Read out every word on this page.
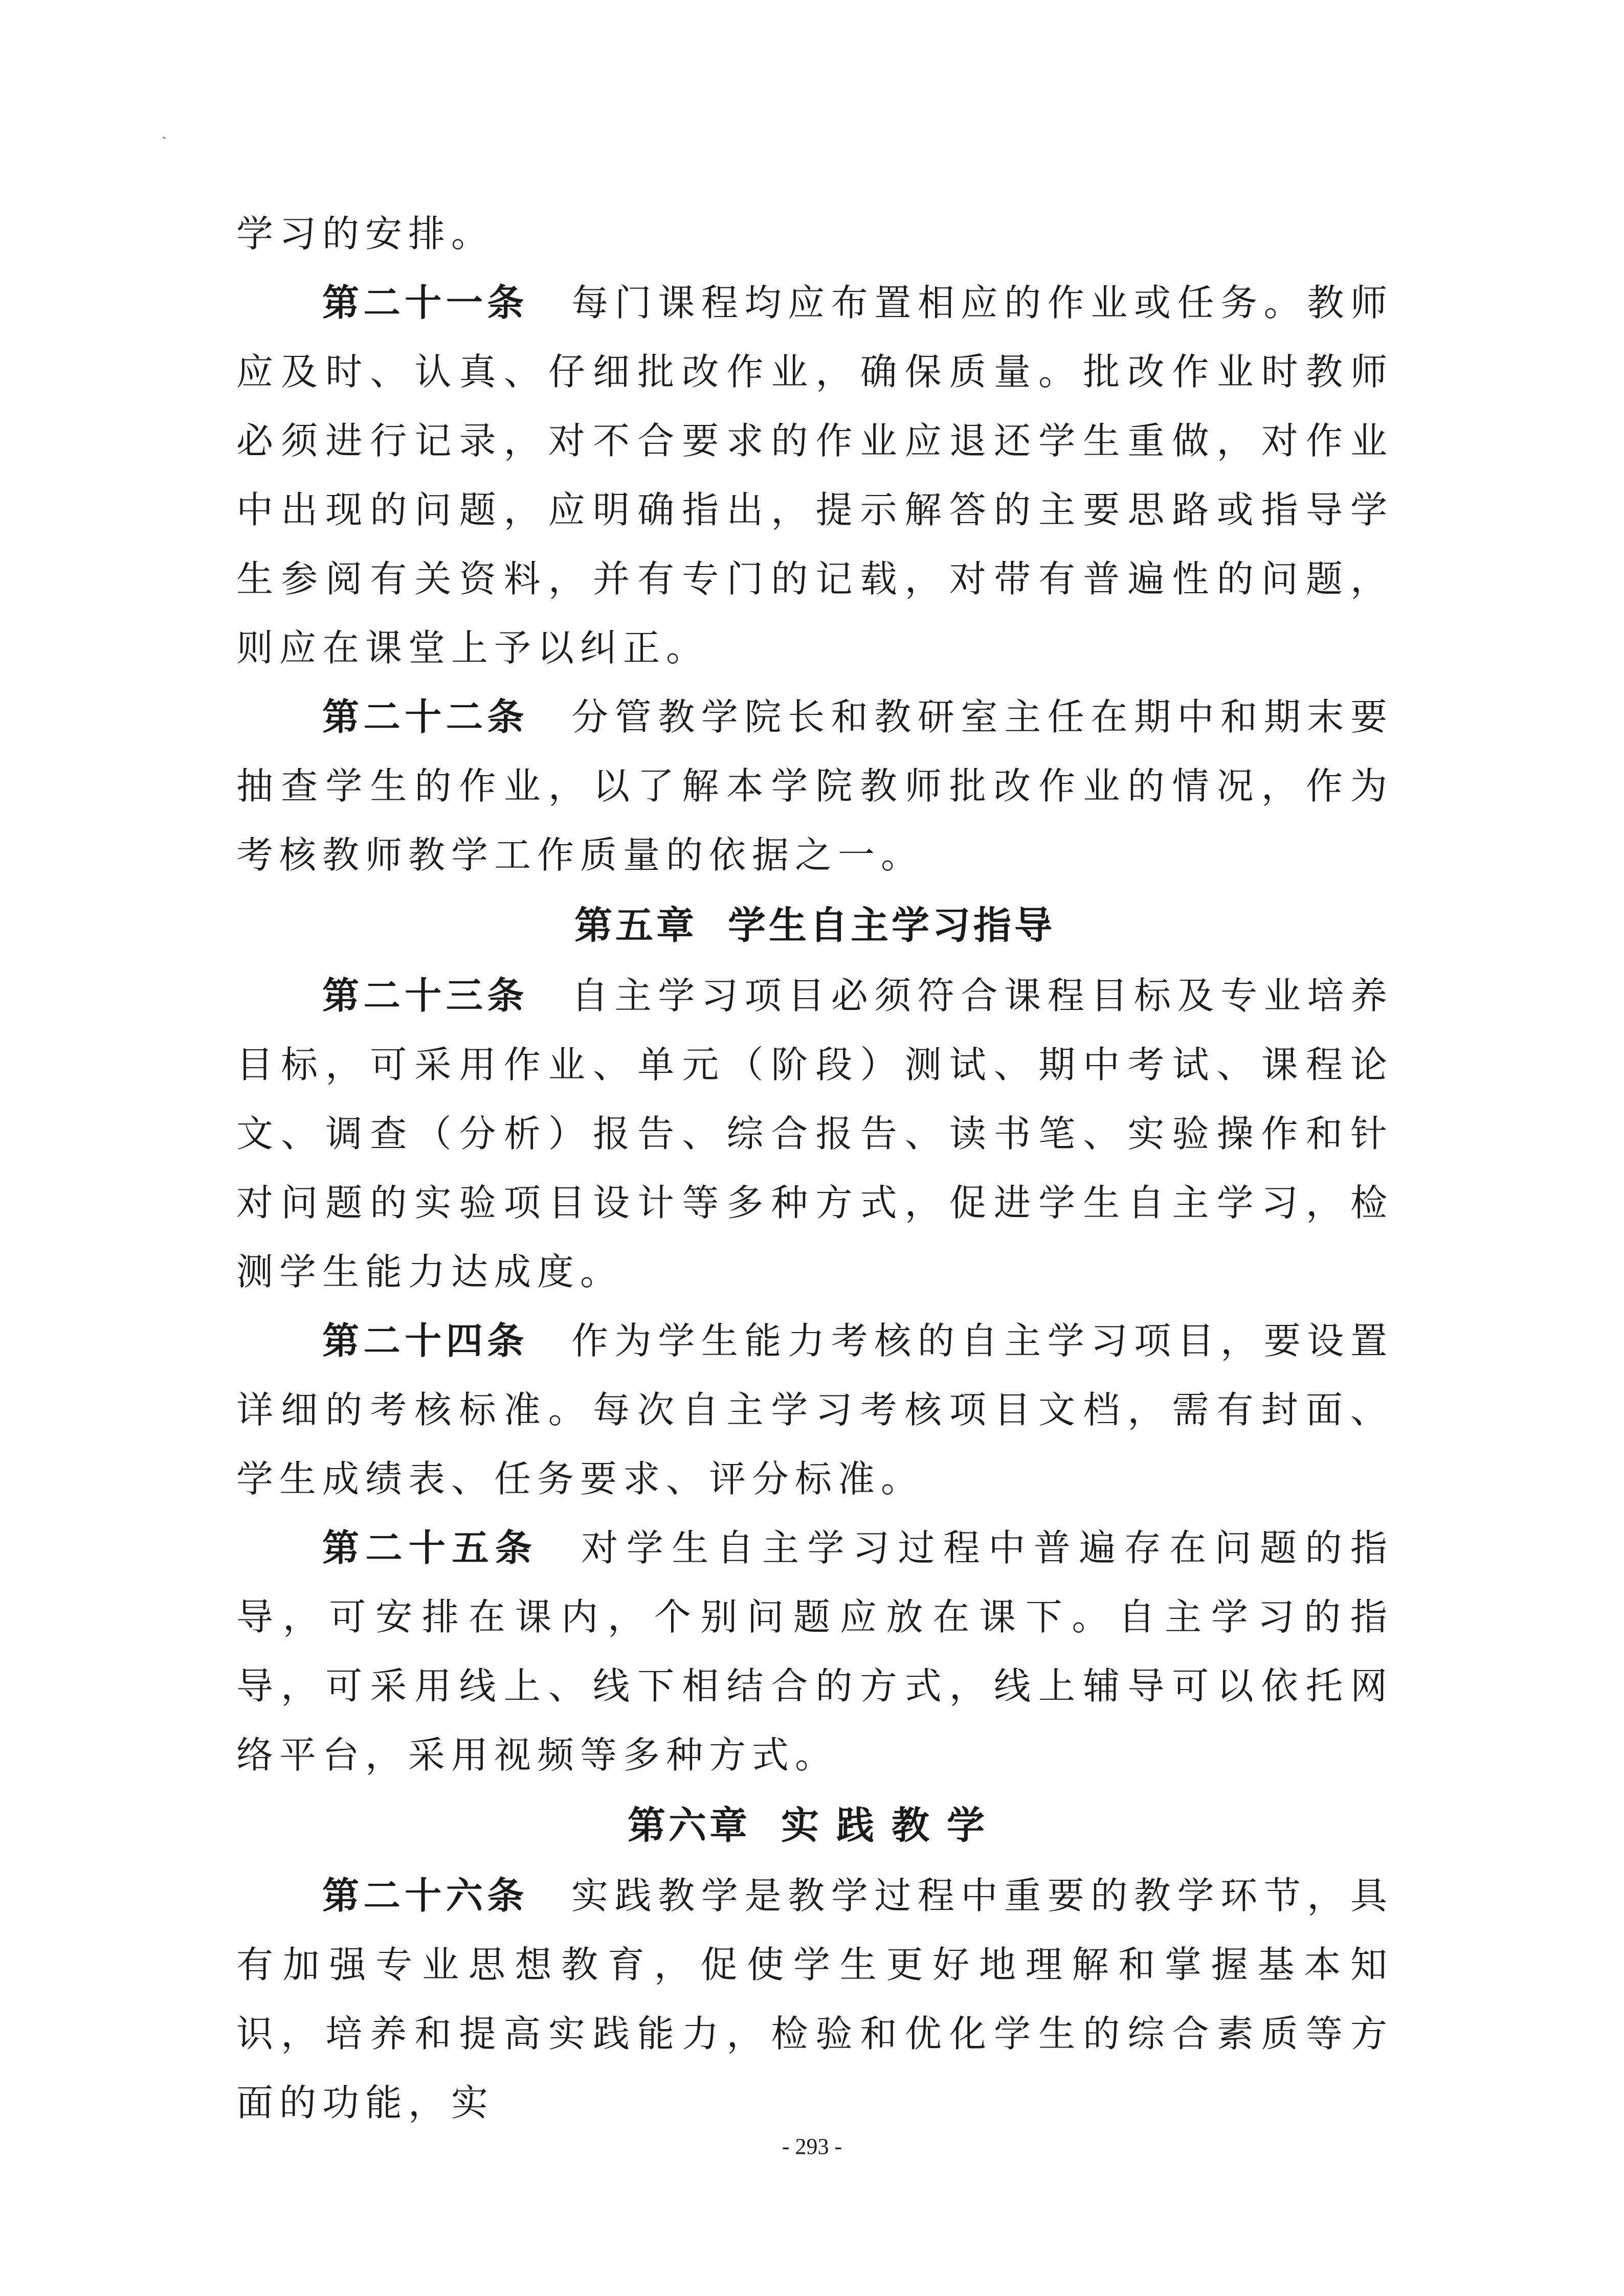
学习的安排。

第二十一条 每门课程均应布置相应的作业或任务。教师应及时、认真、仔细批改作业，确保质量。批改作业时教师必须进行记录，对不合要求的作业应退还学生重做，对作业中出现的问题，应明确指出，提示解答的主要思路或指导学生参阅有关资料，并有专门的记载，对带有普遍性的问题，则应在课堂上予以纠正。

第二十二条 分管教学院长和教研室主任在期中和期末要抽查学生的作业，以了解本学院教师批改作业的情况，作为考核教师教学工作质量的依据之一。

第五章 学生自主学习指导

第二十三条 自主学习项目必须符合课程目标及专业培养目标，可采用作业、单元（阶段）测试、期中考试、课程论文、调查（分析）报告、综合报告、读书笔、实验操作和针对问题的实验项目设计等多种方式，促进学生自主学习，检测学生能力达成度。

第二十四条 作为学生能力考核的自主学习项目，要设置详细的考核标准。每次自主学习考核项目文档，需有封面、学生成绩表、任务要求、评分标准。

第二十五条 对学生自主学习过程中普遍存在问题的指导，可安排在课内，个别问题应放在课下。自主学习的指导，可采用线上、线下相结合的方式，线上辅导可以依托网络平台，采用视频等多种方式。

第六章 实践教学

第二十六条 实践教学是教学过程中重要的教学环节，具有加强专业思想教育，促使学生更好地理解和掌握基本知识，培养和提高实践能力，检验和优化学生的综合素质等方面的功能，实

- 293 -
